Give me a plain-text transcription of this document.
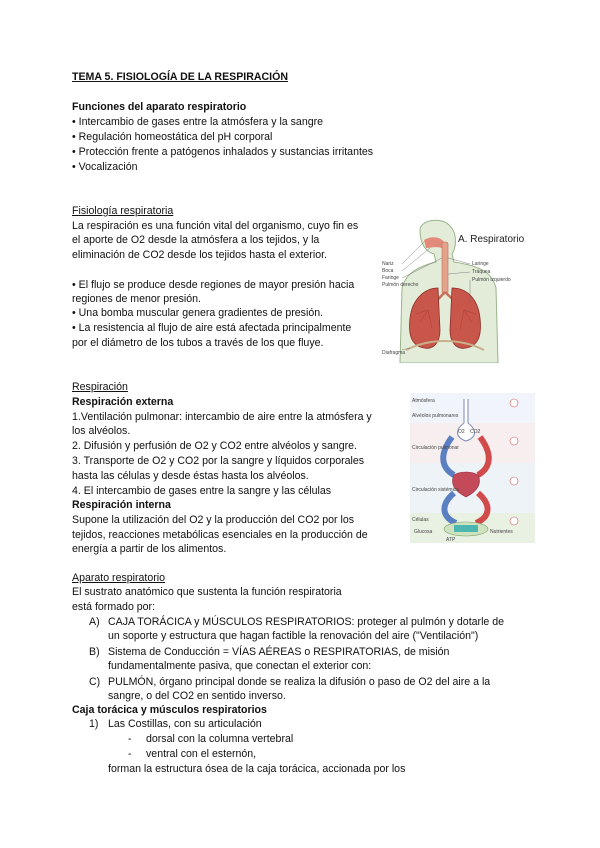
TEMA 5. FISIOLOGÍA DE LA RESPIRACIÓN
Funciones del aparato respiratorio
• Intercambio de gases entre la atmósfera y la sangre
• Regulación homeostática del pH corporal
• Protección frente a patógenos inhalados y sustancias irritantes
• Vocalización
Fisiología respiratoria
La respiración es una función vital del organismo, cuyo fin es
el aporte de O2 desde la atmósfera a los tejidos, y la
eliminación de CO2 desde los tejidos hasta el exterior.
• El flujo se produce desde regiones de mayor presión hacia
regiones de menor presión.
• Una bomba muscular genera gradientes de presión.
• La resistencia al flujo de aire está afectada principalmente
por el diámetro de los tubos a través de los que fluye.
Nariz
Boca
Faringe
Laringe
Tráquea
Pulmón izquierdo
Diafragma
Pulmón derecho
A. Respiratorio
Respiración
Respiración externa
1.Ventilación pulmonar: intercambio de aire entre la atmósfera y
los alvéolos.
2. Difusión y perfusión de O2 y CO2 entre alvéolos y sangre.
3. Transporte de O2 y CO2 por la sangre y líquidos corporales
hasta las células y desde éstas hasta los alvéolos.
4. El intercambio de gases entre la sangre y las células
Respiración interna
Supone la utilización del O2 y la producción del CO2 por los
tejidos, reacciones metabólicas esenciales en la producción de
energía a partir de los alimentos.
Atmósfera
Alvéolos pulmonares
Circulación pulmonar
Circulación sistémica
Células
O2 CO2
ATP
Glucosa	Nutrientes
Aparato respiratorio
El sustrato anatómico que sustenta la función respiratoria
está formado por:
A) CAJA TORÁCICA y MÚSCULOS RESPIRATORIOS: proteger al pulmón y dotarle de
un soporte y estructura que hagan factible la renovación del aire ("Ventilación")
B) Sistema de Conducción = VÍAS AÉREAS o RESPIRATORIAS, de misión
fundamentalmente pasiva, que conectan el exterior con:
C) PULMÓN, órgano principal donde se realiza la difusión o paso de O2 del aire a la
sangre, o del CO2 en sentido inverso.
Caja torácica y músculos respiratorios
1) Las Costillas, con su articulación
- dorsal con la columna vertebral
- ventral con el esternón,
forman la estructura ósea de la caja torácica, accionada por los
